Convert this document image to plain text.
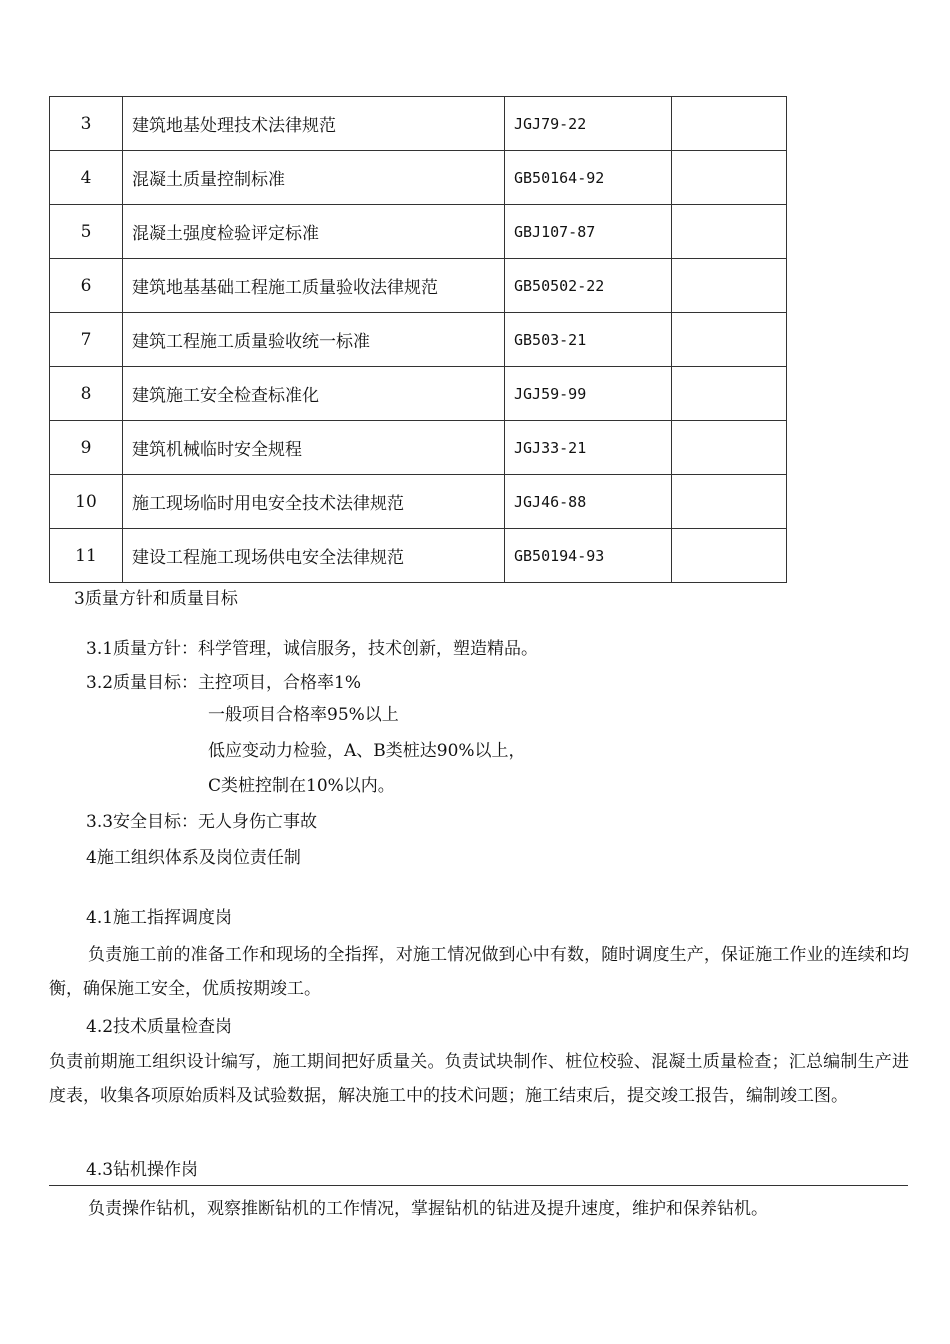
3	建筑地基处理技术法律规范	JGJ79-22	
4	混凝土质量控制标准	GB50164-92	
5	混凝土强度检验评定标准	GBJ107-87	
6	建筑地基基础工程施工质量验收法律规范	GB50502-22	
7	建筑工程施工质量验收统一标准	GB503-21	
8	建筑施工安全检查标准化	JGJ59-99	
9	建筑机械临时安全规程	JGJ33-21	
10	施工现场临时用电安全技术法律规范	JGJ46-88	
11	建设工程施工现场供电安全法律规范	GB50194-93	
3质量方针和质量目标
3.1质量方针：科学管理，诚信服务，技术创新，塑造精品。
3.2质量目标：主控项目，合格率1%
一般项目合格率95%以上
低应变动力检验，A、B类桩达90%以上，
C类桩控制在10%以内。
3.3安全目标：无人身伤亡事故
4施工组织体系及岗位责任制
4.1施工指挥调度岗
负责施工前的准备工作和现场的全指挥，对施工情况做到心中有数，随时调度生产，保证施工作业的连续和均衡，确保施工安全，优质按期竣工。
4.2技术质量检查岗
负责前期施工组织设计编写，施工期间把好质量关。负责试块制作、桩位校验、混凝土质量检查；汇总编制生产进度表，收集各项原始质料及试验数据，解决施工中的技术问题；施工结束后，提交竣工报告，编制竣工图。
4.3钻机操作岗
负责操作钻机，观察推断钻机的工作情况，掌握钻机的钻进及提升速度，维护和保养钻机。
